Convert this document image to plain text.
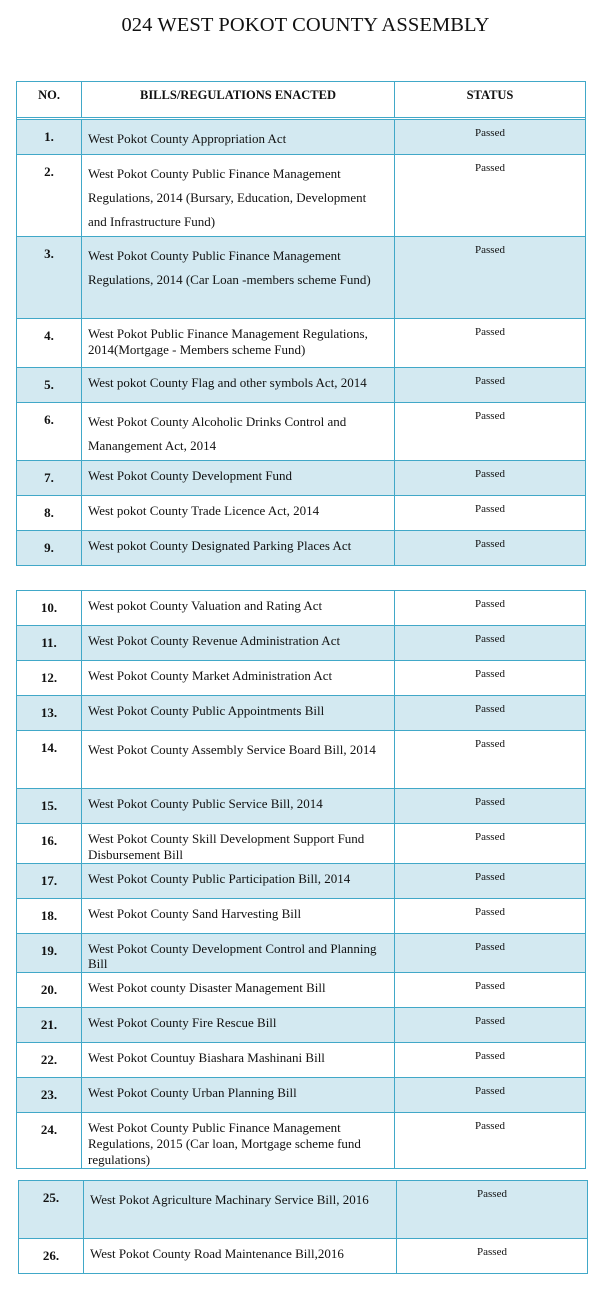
024 WEST POKOT COUNTY ASSEMBLY
NO.	BILLS/REGULATIONS ENACTED	STATUS

1.	West Pokot County Appropriation Act	Passed
2.	West Pokot County Public Finance Management Regulations, 2014 (Bursary, Education, Development and Infrastructure Fund)	Passed
3.	West Pokot County Public Finance Management Regulations, 2014 (Car Loan -members scheme Fund)	Passed
4.	West Pokot Public Finance Management Regulations, 2014(Mortgage - Members scheme Fund)	Passed
5.	West pokot County Flag and other symbols Act, 2014	Passed
6.	West Pokot County Alcoholic Drinks Control and Manangement Act, 2014	Passed
7.	West Pokot County Development Fund	Passed
8.	West pokot County Trade Licence Act, 2014	Passed
9.	West pokot County Designated Parking Places Act	Passed
10.	West pokot County Valuation and Rating Act	Passed
11.	West Pokot County Revenue Administration Act	Passed
12.	West Pokot County Market Administration Act	Passed
13.	West Pokot County Public Appointments Bill	Passed
14.	West Pokot County Assembly Service Board Bill, 2014	Passed
15.	West Pokot County Public Service Bill, 2014	Passed
16.	West Pokot County Skill Development Support Fund Disbursement Bill	Passed
17.	West Pokot County Public Participation Bill, 2014	Passed
18.	West Pokot County Sand Harvesting Bill	Passed
19.	West Pokot County Development Control and Planning Bill	Passed
20.	West Pokot county Disaster Management Bill	Passed
21.	West Pokot County Fire Rescue Bill	Passed
22.	West Pokot Countuy Biashara Mashinani Bill	Passed
23.	West Pokot County Urban Planning Bill	Passed
24.	West Pokot County Public Finance Management Regulations, 2015 (Car loan, Mortgage scheme fund regulations)	Passed
25.	West Pokot Agriculture Machinary Service Bill, 2016	Passed
26.	West Pokot County Road Maintenance Bill,2016	Passed
